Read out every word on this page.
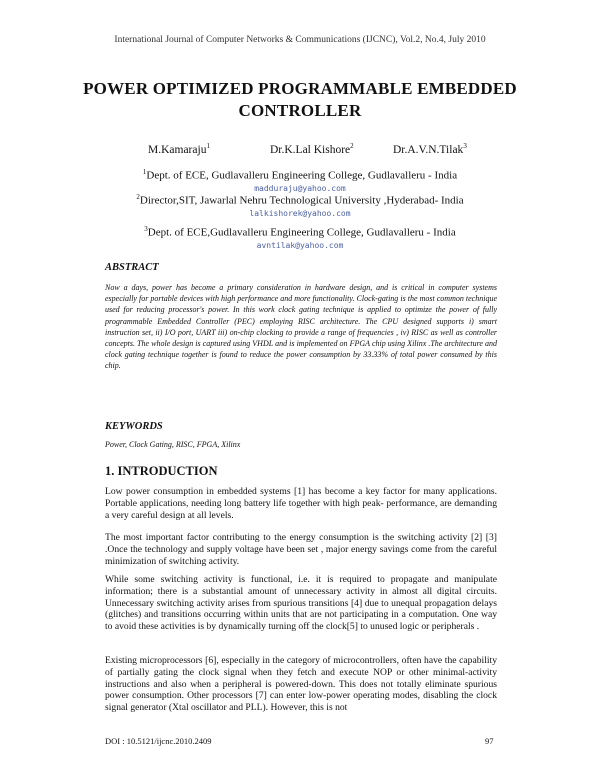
International Journal of Computer Networks & Communications (IJCNC), Vol.2, No.4, July 2010
POWER OPTIMIZED PROGRAMMABLE EMBEDDED
CONTROLLER
M.Kamaraju$^1$	Dr.K.Lal Kishore$^2$	Dr.A.V.N.Tilak$^3$
$^1$Dept. of ECE, Gudlavalleru Engineering College, Gudlavalleru - India
madduraju@yahoo.com
$^2$Director,SIT, Jawarlal Nehru Technological University ,Hyderabad- India
lalkishorek@yahoo.com
$^3$Dept. of ECE,Gudlavalleru Engineering College, Gudlavalleru - India
avntilak@yahoo.com
ABSTRACT

Now a days, power has become a primary consideration in hardware design, and is critical in computer systems especially for portable devices with high performance and more functionality. Clock-gating is the most common technique used for reducing processor's power. In this work clock gating technique is applied to optimize the power of fully programmable Embedded Controller (PEC) employing RISC architecture. The CPU designed supports i) smart instruction set, ii) I/O port, UART iii) on-chip clocking to provide a range of frequencies , iv) RISC as well as controller concepts. The whole design is captured using VHDL and is implemented on FPGA chip using Xilinx .The architecture and clock gating technique together is found to reduce the power consumption by 33.33% of total power consumed by this chip.

KEYWORDS
Power, Clock Gating, RISC, FPGA, Xilinx
1. INTRODUCTION

Low power consumption in embedded systems [1] has become a key factor for many applications. Portable applications, needing long battery life together with high peak- performance, are demanding a very careful design at all levels.

The most important factor contributing to the energy consumption is the switching activity [2] [3] .Once the technology and supply voltage have been set , major energy savings come from the careful minimization of switching activity.

While some switching activity is functional, i.e. it is required to propagate and manipulate information; there is a substantial amount of unnecessary activity in almost all digital circuits. Unnecessary switching activity arises from spurious transitions [4] due to unequal propagation delays (glitches) and transitions occurring within units that are not participating in a computation. One way to avoid these activities is by dynamically turning off the clock[5] to unused logic or peripherals .

Existing microprocessors [6], especially in the category of microcontrollers, often have the capability of partially gating the clock signal when they fetch and execute NOP or other minimal-activity instructions and also when a peripheral is powered-down. This does not totally eliminate spurious power consumption. Other processors [7] can enter low-power operating modes, disabling the clock signal generator (Xtal oscillator and PLL). However, this is not

DOI : 10.5121/ijcnc.2010.2409	97
